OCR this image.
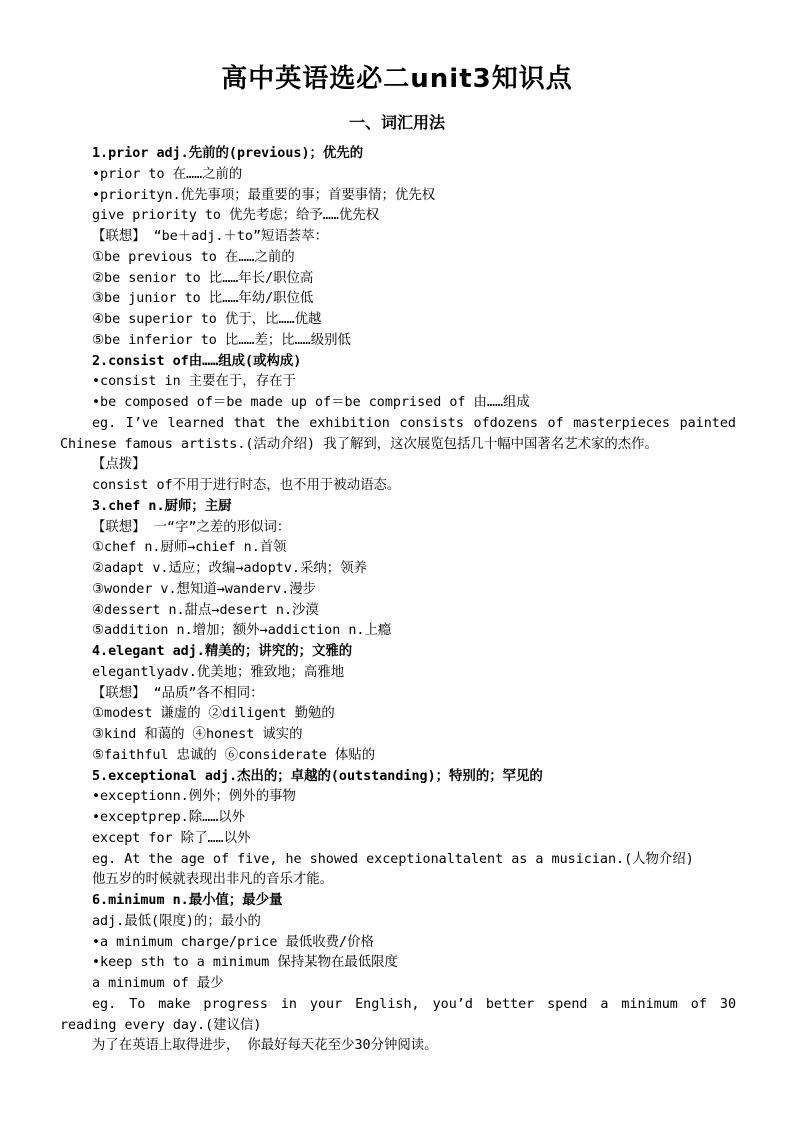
高中英语选必二unit3知识点
一、词汇用法
1.prior adj.先前的(previous)；优先的
•prior to 在……之前的
•priorityn.优先事项；最重要的事；首要事情；优先权
give priority to 优先考虑；给予……优先权
【联想】 “be＋adj.＋to”短语荟萃：
①be previous to 在……之前的
②be senior to 比……年长/职位高
③be junior to 比……年幼/职位低
④be superior to 优于，比……优越
⑤be inferior to 比……差；比……级别低
2.consist of由……组成(或构成)
•consist in 主要在于，存在于
•be composed of＝be made up of＝be comprised of 由……组成
eg. I’ve learned that the exhibition consists ofdozens of masterpieces painted
Chinese famous artists.(活动介绍) 我了解到，这次展览包括几十幅中国著名艺术家的杰作。
【点拨】
consist of不用于进行时态，也不用于被动语态。
3.chef n.厨师；主厨
【联想】 一“字”之差的形似词：
①chef n.厨师→chief n.首领
②adapt v.适应；改编→adoptv.采纳；领养
③wonder v.想知道→wanderv.漫步
④dessert n.甜点→desert n.沙漠
⑤addition n.增加；额外→addiction n.上瘾
4.elegant adj.精美的；讲究的；文雅的
elegantlyadv.优美地；雅致地；高雅地
【联想】 “品质”各不相同：
①modest 谦虚的 ②diligent 勤勉的
③kind 和蔼的 ④honest 诚实的
⑤faithful 忠诚的 ⑥considerate 体贴的
5.exceptional adj.杰出的；卓越的(outstanding)；特别的；罕见的
•exceptionn.例外；例外的事物
•exceptprep.除……以外
except for 除了……以外
eg. At the age of five, he showed exceptionaltalent as a musician.(人物介绍)
他五岁的时候就表现出非凡的音乐才能。
6.minimum n.最小值；最少量
adj.最低(限度)的；最小的
•a minimum charge/price 最低收费/价格
•keep sth to a minimum 保持某物在最低限度
a minimum of 最少
eg. To make progress in your English, you’d better spend a minimum of 30
reading every day.(建议信)
为了在英语上取得进步， 你最好每天花至少30分钟阅读。
